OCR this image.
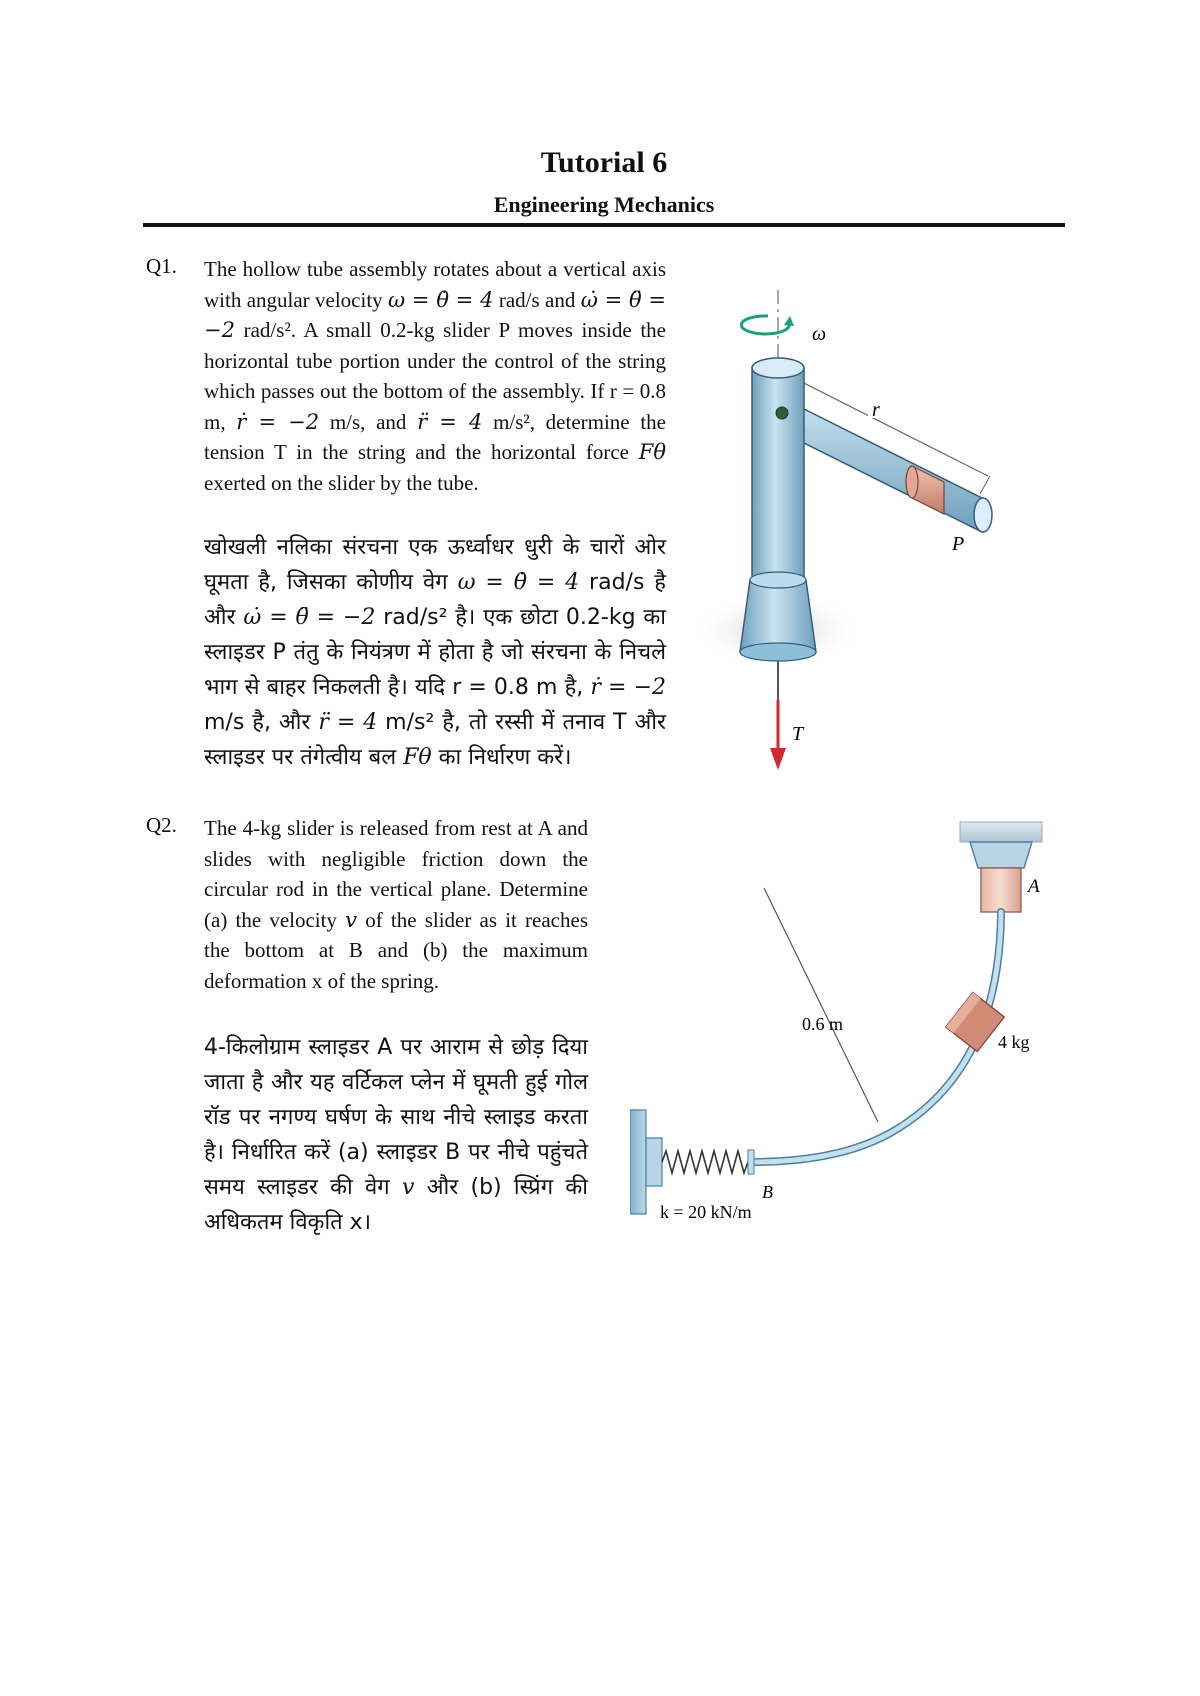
Tutorial 6
Engineering Mechanics
Q1. The hollow tube assembly rotates about a vertical axis with angular velocity ω = θ̇ = 4 rad/s and ω̇ = θ̈ = −2 rad/s². A small 0.2-kg slider P moves inside the horizontal tube portion under the control of the string which passes out the bottom of the assembly. If r = 0.8 m, ṙ = −2 m/s, and r̈ = 4 m/s², determine the tension T in the string and the horizontal force Fθ exerted on the slider by the tube.
खोखली नलिका संरचना एक ऊर्ध्वाधर धुरी के चारों ओर घूमता है, जिसका कोणीय वेग ω = θ̇ = 4 rad/s है और ω̇ = θ̈ = −2 rad/s² है। एक छोटा 0.2-kg का स्लाइडर P तंतु के नियंत्रण में होता है जो संरचना के निचले भाग से बाहर निकलती है। यदि r = 0.8 m है, ṙ = −2 m/s है, और r̈ = 4 m/s² है, तो रस्सी में तनाव T और स्लाइडर पर तंगेत्वीय बल Fθ का निर्धारण करें।
ω
P
r
T
Q2. The 4-kg slider is released from rest at A and slides with negligible friction down the circular rod in the vertical plane. Determine (a) the velocity v of the slider as it reaches the bottom at B and (b) the maximum deformation x of the spring.
4-किलोग्राम स्लाइडर A पर आराम से छोड़ दिया जाता है और यह वर्टिकल प्लेन में घूमती हुई गोल रॉड पर नगण्य घर्षण के साथ नीचे स्लाइड करता है। निर्धारित करें (a) स्लाइडर B पर नीचे पहुंचते समय स्लाइडर की वेग v और (b) स्प्रिंग की अधिकतम विकृति x।
A
0.6 m
4 kg
B
k = 20 kN/m
